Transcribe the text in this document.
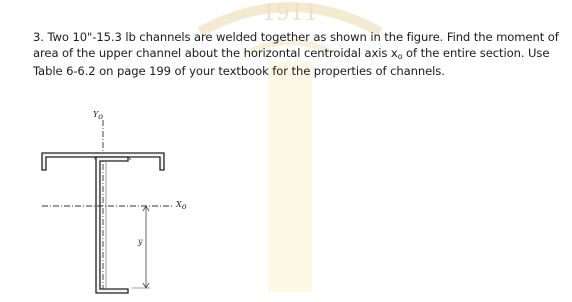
1911

3. Two 10"-15.3 lb channels are welded together as shown in the figure. Find the moment of area of the upper channel about the horizontal centroidal axis $x_o$ of the entire section. Use Table 6-6.2 on page 199 of your textbook for the properties of channels.

Yo
Xo
y
